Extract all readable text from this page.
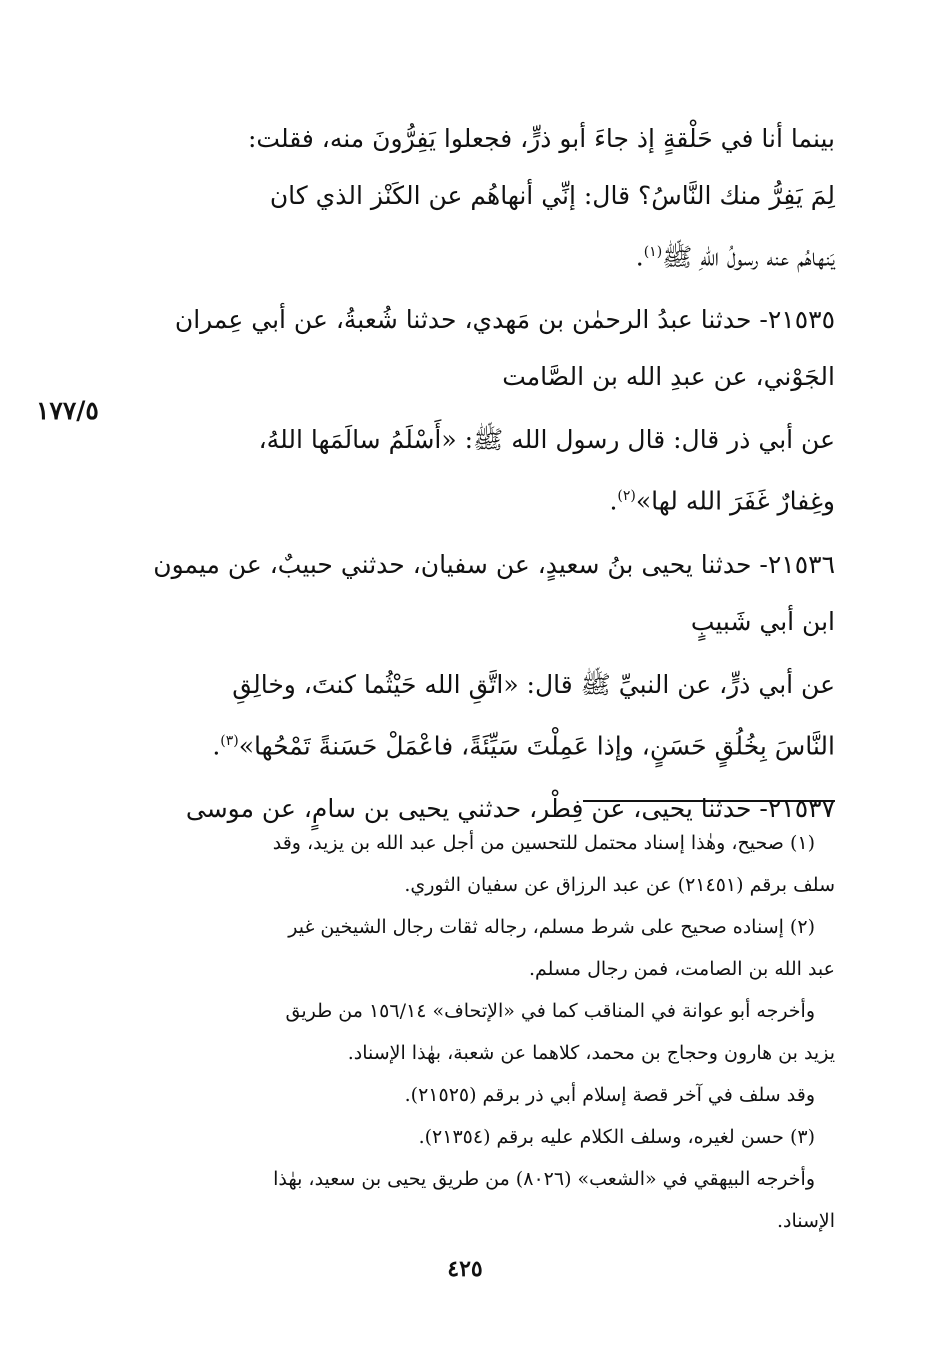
بينما أنا في حَلْقةٍ إذ جاءَ أبو ذرٍّ، فجعلوا يَفِرُّونَ منه، فقلت:

لِمَ يَفِرُّ منك النَّاسُ؟ قال: إنِّي أنهاهُم عن الكَنْز الذي كان

يَنهاهُم عنه رسولُ اللهِ ﷺ$^{(١)}$.

٢١٥٣٥- حدثنا عبدُ الرحمٰن بن مَهدي، حدثنا شُعبةُ، عن أبي عِمران

الجَوْني، عن عبدِ الله بن الصَّامت

عن أبي ذر قال: قال رسول الله ﷺ: «أَسْلَمُ سالَمَها اللهُ،

وغِفارٌ غَفَرَ الله لها»$^{(٢)}$.

٢١٥٣٦- حدثنا يحيى بنُ سعيدٍ، عن سفيان، حدثني حبيبٌ، عن ميمون

ابن أبي شَبيبٍ

عن أبي ذرٍّ، عن النبيِّ ﷺ قال: «اتَّقِ الله حَيْثُما كنتَ، وخالِقِ

النَّاسَ بِخُلُقٍ حَسَنٍ، وإذا عَمِلْتَ سَيِّئَةً، فاعْمَلْ حَسَنةً تَمْحُها»$^{(٣)}$.

٢١٥٣٧- حدثنا يحيى، عن فِطْر، حدثني يحيى بن سامٍ، عن موسى

١٧٧/٥

(١) صحيح، وهٰذا إسناد محتمل للتحسين من أجل عبد الله بن يزيد، وقد

سلف برقم (٢١٤٥١) عن عبد الرزاق عن سفيان الثوري.

(٢) إسناده صحيح على شرط مسلم، رجاله ثقات رجال الشيخين غير

عبد الله بن الصامت، فمن رجال مسلم.

وأخرجه أبو عوانة في المناقب كما في «الإتحاف» ١٥٦/١٤ من طريق

يزيد بن هارون وحجاج بن محمد، كلاهما عن شعبة، بهٰذا الإسناد.

وقد سلف في آخر قصة إسلام أبي ذر برقم (٢١٥٢٥).

(٣) حسن لغيره، وسلف الكلام عليه برقم (٢١٣٥٤).

وأخرجه البيهقي في «الشعب» (٨٠٢٦) من طريق يحيى بن سعيد، بهٰذا

الإسناد.

٤٢٥
